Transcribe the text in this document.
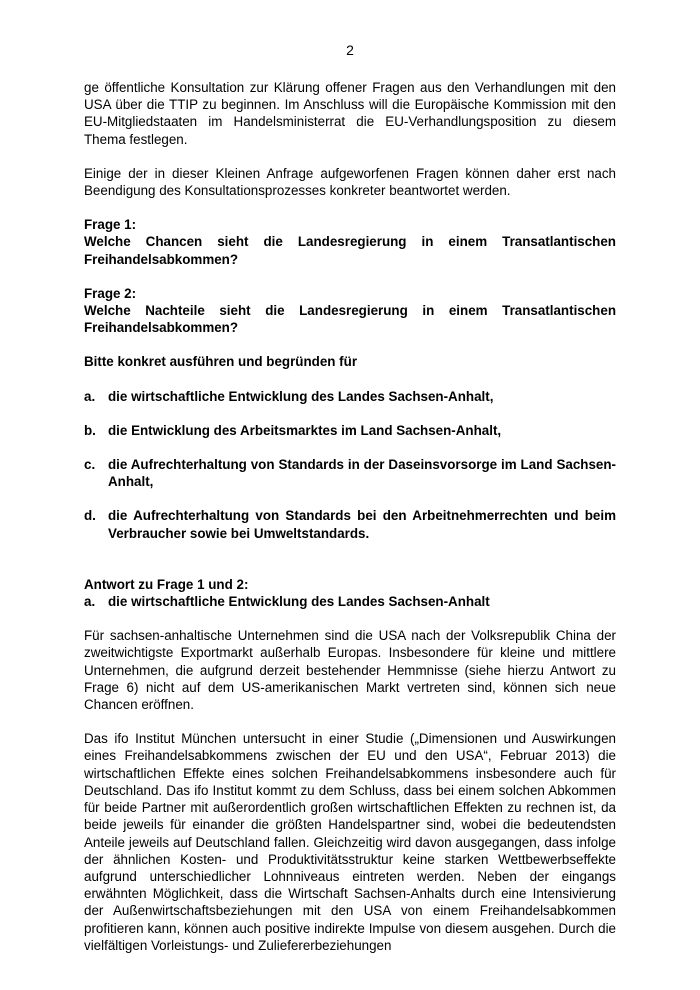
2

ge öffentliche Konsultation zur Klärung offener Fragen aus den Verhandlungen mit den USA über die TTIP zu beginnen. Im Anschluss will die Europäische Kommission mit den EU-Mitgliedstaaten im Handelsministerrat die EU-Verhandlungsposition zu diesem Thema festlegen.

Einige der in dieser Kleinen Anfrage aufgeworfenen Fragen können daher erst nach Beendigung des Konsultationsprozesses konkreter beantwortet werden.

Frage 1:

Welche Chancen sieht die Landesregierung in einem Transatlantischen Freihandelsabkommen?

Frage 2:

Welche Nachteile sieht die Landesregierung in einem Transatlantischen Freihandelsabkommen?

Bitte konkret ausführen und begründen für

a. die wirtschaftliche Entwicklung des Landes Sachsen-Anhalt,
b. die Entwicklung des Arbeitsmarktes im Land Sachsen-Anhalt,
c. die Aufrechterhaltung von Standards in der Daseinsvorsorge im Land Sachsen-Anhalt,
d. die Aufrechterhaltung von Standards bei den Arbeitnehmerrechten und beim Verbraucher sowie bei Umweltstandards.

Antwort zu Frage 1 und 2:

a. die wirtschaftliche Entwicklung des Landes Sachsen-Anhalt

Für sachsen-anhaltische Unternehmen sind die USA nach der Volksrepublik China der zweitwichtigste Exportmarkt außerhalb Europas. Insbesondere für kleine und mittlere Unternehmen, die aufgrund derzeit bestehender Hemmnisse (siehe hierzu Antwort zu Frage 6) nicht auf dem US-amerikanischen Markt vertreten sind, können sich neue Chancen eröffnen.

Das ifo Institut München untersucht in einer Studie („Dimensionen und Auswirkungen eines Freihandelsabkommens zwischen der EU und den USA“, Februar 2013) die wirtschaftlichen Effekte eines solchen Freihandelsabkommens insbesondere auch für Deutschland. Das ifo Institut kommt zu dem Schluss, dass bei einem solchen Abkommen für beide Partner mit außerordentlich großen wirtschaftlichen Effekten zu rechnen ist, da beide jeweils für einander die größten Handelspartner sind, wobei die bedeutendsten Anteile jeweils auf Deutschland fallen. Gleichzeitig wird davon ausgegangen, dass infolge der ähnlichen Kosten- und Produktivitätsstruktur keine starken Wettbewerbseffekte aufgrund unterschiedlicher Lohnniveaus eintreten werden. Neben der eingangs erwähnten Möglichkeit, dass die Wirtschaft Sachsen-Anhalts durch eine Intensivierung der Außenwirtschaftsbeziehungen mit den USA von einem Freihandelsabkommen profitieren kann, können auch positive indirekte Impulse von diesem ausgehen. Durch die vielfältigen Vorleistungs- und Zuliefererbeziehungen
